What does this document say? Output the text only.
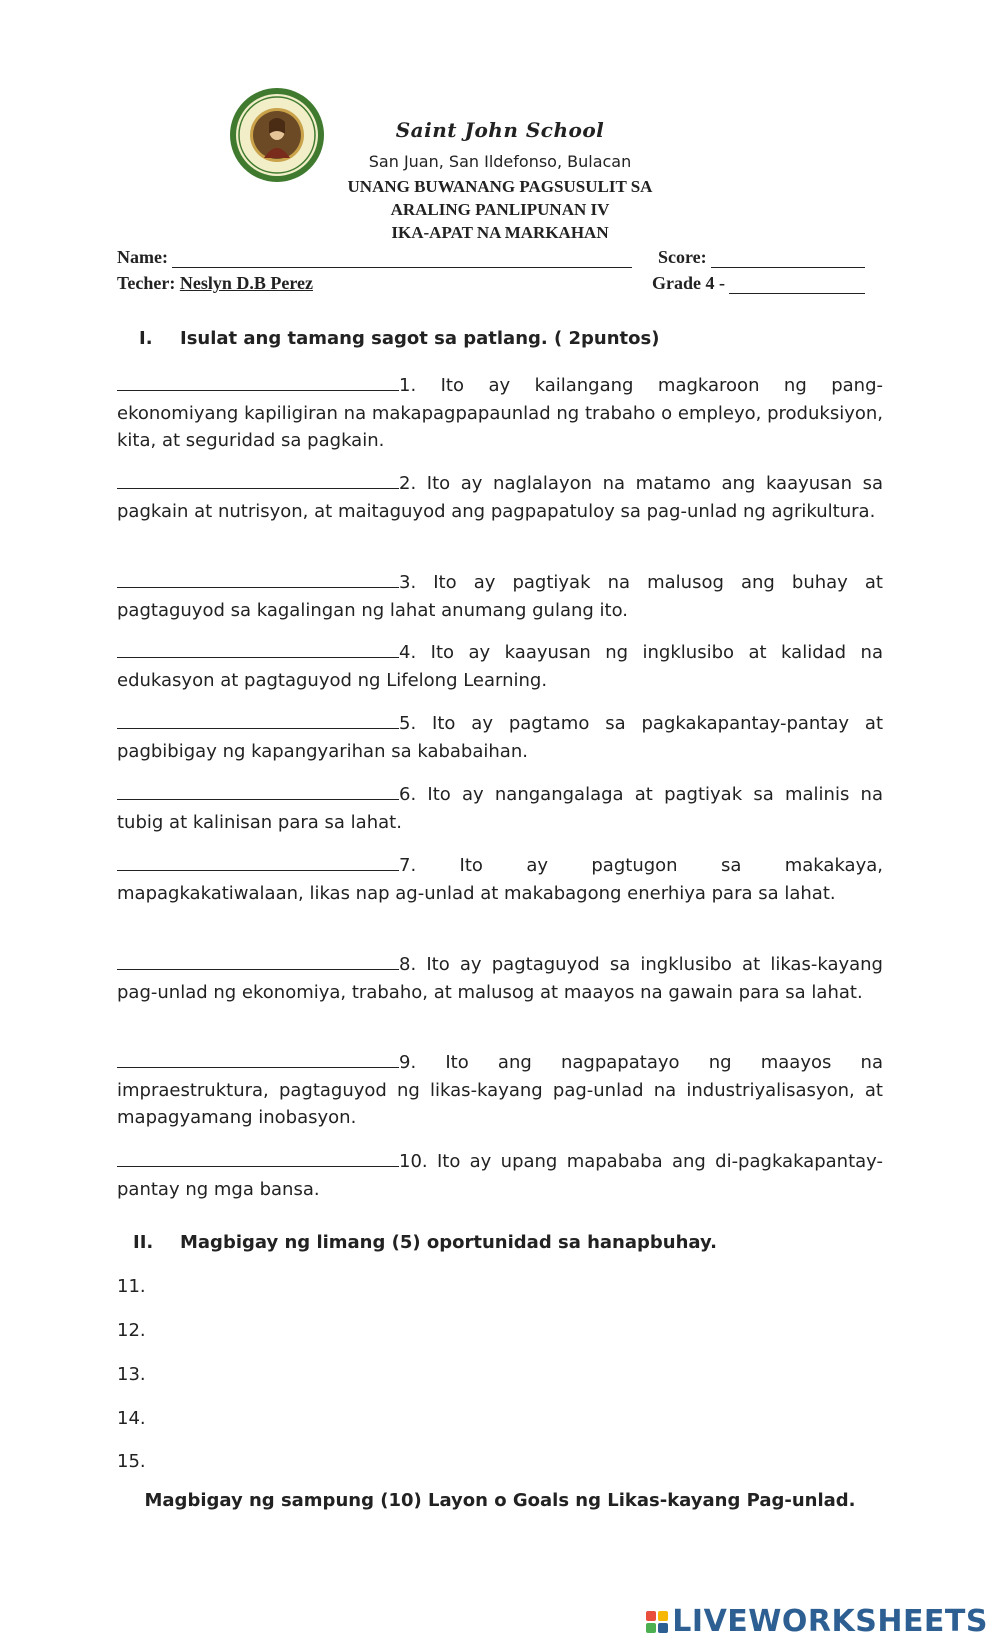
Saint John School
San Juan, San Ildefonso, Bulacan
UNANG BUWANANG PAGSUSULIT SA
ARALING PANLIPUNAN IV
IKA-APAT NA MARKAHAN
Name:	Score:
Techer: Neslyn D.B Perez	Grade 4 -
I. Isulat ang tamang sagot sa patlang. ( 2puntos)
1. Ito ay kailangang magkaroon ng pang-ekonomiyang kapiligiran na makapagpapaunlad ng trabaho o empleyo, produksiyon, kita, at seguridad sa pagkain.
2. Ito ay naglalayon na matamo ang kaayusan sa pagkain at nutrisyon, at maitaguyod ang pagpapatuloy sa pag-unlad ng agrikultura.
3. Ito ay pagtiyak na malusog ang buhay at pagtaguyod sa kagalingan ng lahat anumang gulang ito.
4. Ito ay kaayusan ng ingklusibo at kalidad na edukasyon at pagtaguyod ng Lifelong Learning.
5. Ito ay pagtamo sa pagkakapantay-pantay at pagbibigay ng kapangyarihan sa kababaihan.
6. Ito ay nangangalaga at pagtiyak sa malinis na tubig at kalinisan para sa lahat.
7. Ito ay pagtugon sa makakaya, mapagkakatiwalaan, likas nap ag-unlad at makabagong enerhiya para sa lahat.
8. Ito ay pagtaguyod sa ingklusibo at likas-kayang pag-unlad ng ekonomiya, trabaho, at malusog at maayos na gawain para sa lahat.
9. Ito ang nagpapatayo ng maayos na impraestruktura, pagtaguyod ng likas-kayang pag-unlad na industriyalisasyon, at mapagyamang inobasyon.
10. Ito ay upang mapababa ang di-pagkakapantay-pantay ng mga bansa.
II. Magbigay ng limang (5) oportunidad sa hanapbuhay.
11.
12.
13.
14.
15.
Magbigay ng sampung (10) Layon o Goals ng Likas-kayang Pag-unlad.
LIVEWORKSHEETS
